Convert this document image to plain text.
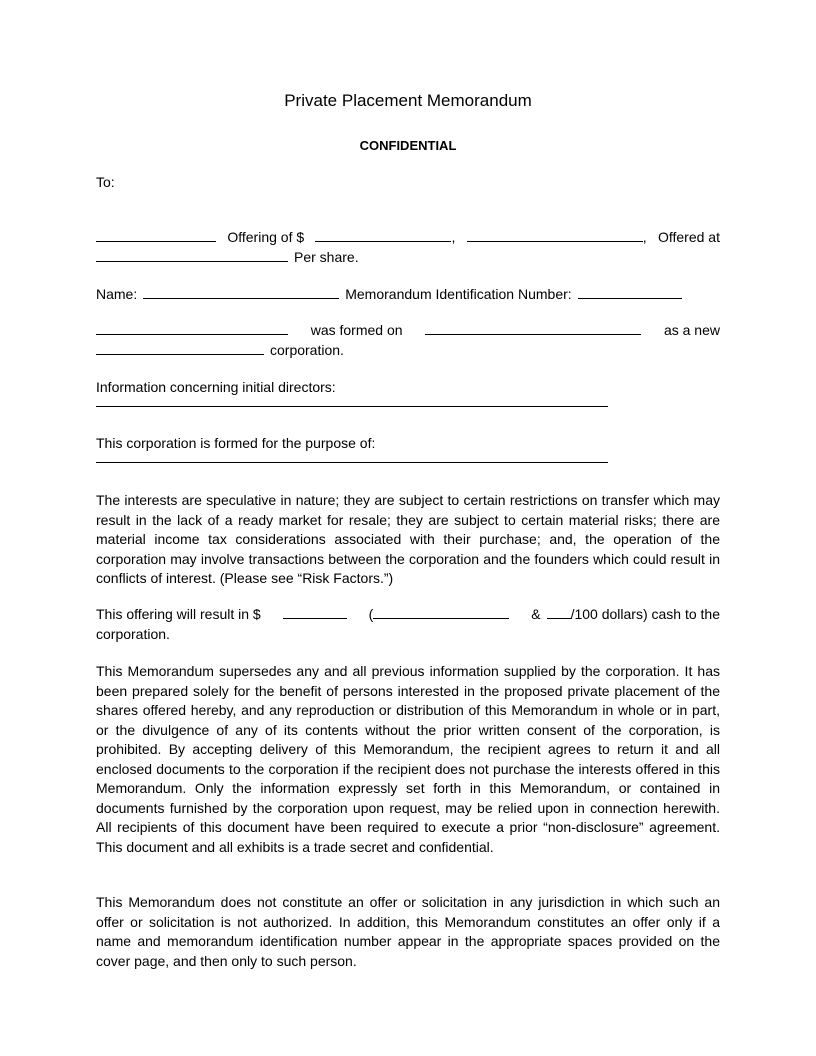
Private Placement Memorandum
CONFIDENTIAL
To:
Offering of $	,	, Offered at
Per share.
Name:	Memorandum Identification Number:
was formed on	as a new
corporation.
Information concerning initial directors:
This corporation is formed for the purpose of:
The interests are speculative in nature; they are subject to certain restrictions on transfer which may result in the lack of a ready market for resale; they are subject to certain material risks; there are material income tax considerations associated with their purchase; and, the operation of the corporation may involve transactions between the corporation and the founders which could result in conflicts of interest. (Please see “Risk Factors.”)
This offering will result in $	(	& /100 dollars) cash to the
corporation.
This Memorandum supersedes any and all previous information supplied by the corporation. It has been prepared solely for the benefit of persons interested in the proposed private placement of the shares offered hereby, and any reproduction or distribution of this Memorandum in whole or in part, or the divulgence of any of its contents without the prior written consent of the corporation, is prohibited. By accepting delivery of this Memorandum, the recipient agrees to return it and all enclosed documents to the corporation if the recipient does not purchase the interests offered in this Memorandum. Only the information expressly set forth in this Memorandum, or contained in documents furnished by the corporation upon request, may be relied upon in connection herewith. All recipients of this document have been required to execute a prior “non-disclosure” agreement. This document and all exhibits is a trade secret and confidential.
This Memorandum does not constitute an offer or solicitation in any jurisdiction in which such an offer or solicitation is not authorized. In addition, this Memorandum constitutes an offer only if a name and memorandum identification number appear in the appropriate spaces provided on the cover page, and then only to such person.
